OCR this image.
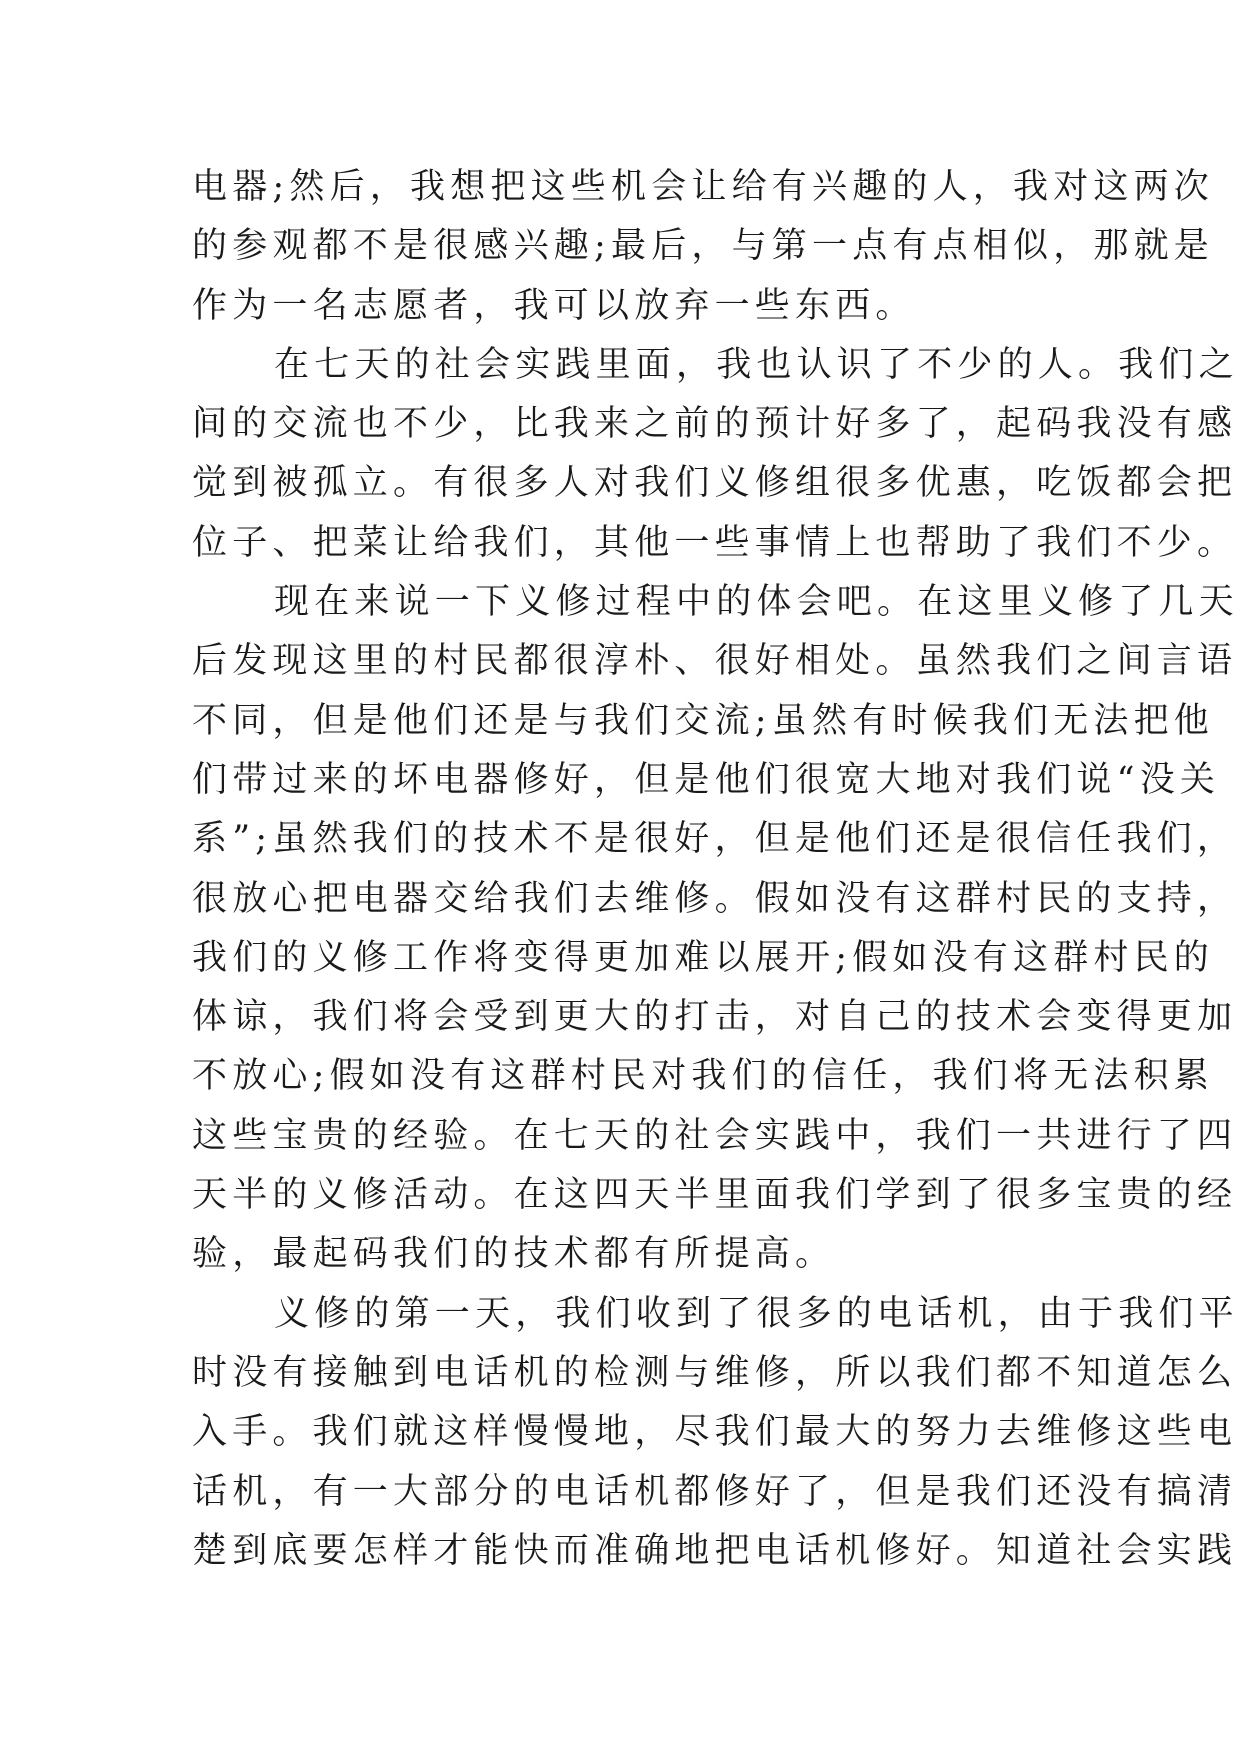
电器;然后，我想把这些机会让给有兴趣的人，我对这两次
的参观都不是很感兴趣;最后，与第一点有点相似，那就是
作为一名志愿者，我可以放弃一些东西。
在七天的社会实践里面，我也认识了不少的人。我们之
间的交流也不少，比我来之前的预计好多了，起码我没有感
觉到被孤立。有很多人对我们义修组很多优惠，吃饭都会把
位子、把菜让给我们，其他一些事情上也帮助了我们不少。
现在来说一下义修过程中的体会吧。在这里义修了几天
后发现这里的村民都很淳朴、很好相处。虽然我们之间言语
不同，但是他们还是与我们交流;虽然有时候我们无法把他
们带过来的坏电器修好，但是他们很宽大地对我们说“没关
系”;虽然我们的技术不是很好，但是他们还是很信任我们，
很放心把电器交给我们去维修。假如没有这群村民的支持，
我们的义修工作将变得更加难以展开;假如没有这群村民的
体谅，我们将会受到更大的打击，对自己的技术会变得更加
不放心;假如没有这群村民对我们的信任，我们将无法积累
这些宝贵的经验。在七天的社会实践中，我们一共进行了四
天半的义修活动。在这四天半里面我们学到了很多宝贵的经
验，最起码我们的技术都有所提高。
义修的第一天，我们收到了很多的电话机，由于我们平
时没有接触到电话机的检测与维修，所以我们都不知道怎么
入手。我们就这样慢慢地，尽我们最大的努力去维修这些电
话机，有一大部分的电话机都修好了，但是我们还没有搞清
楚到底要怎样才能快而准确地把电话机修好。知道社会实践
